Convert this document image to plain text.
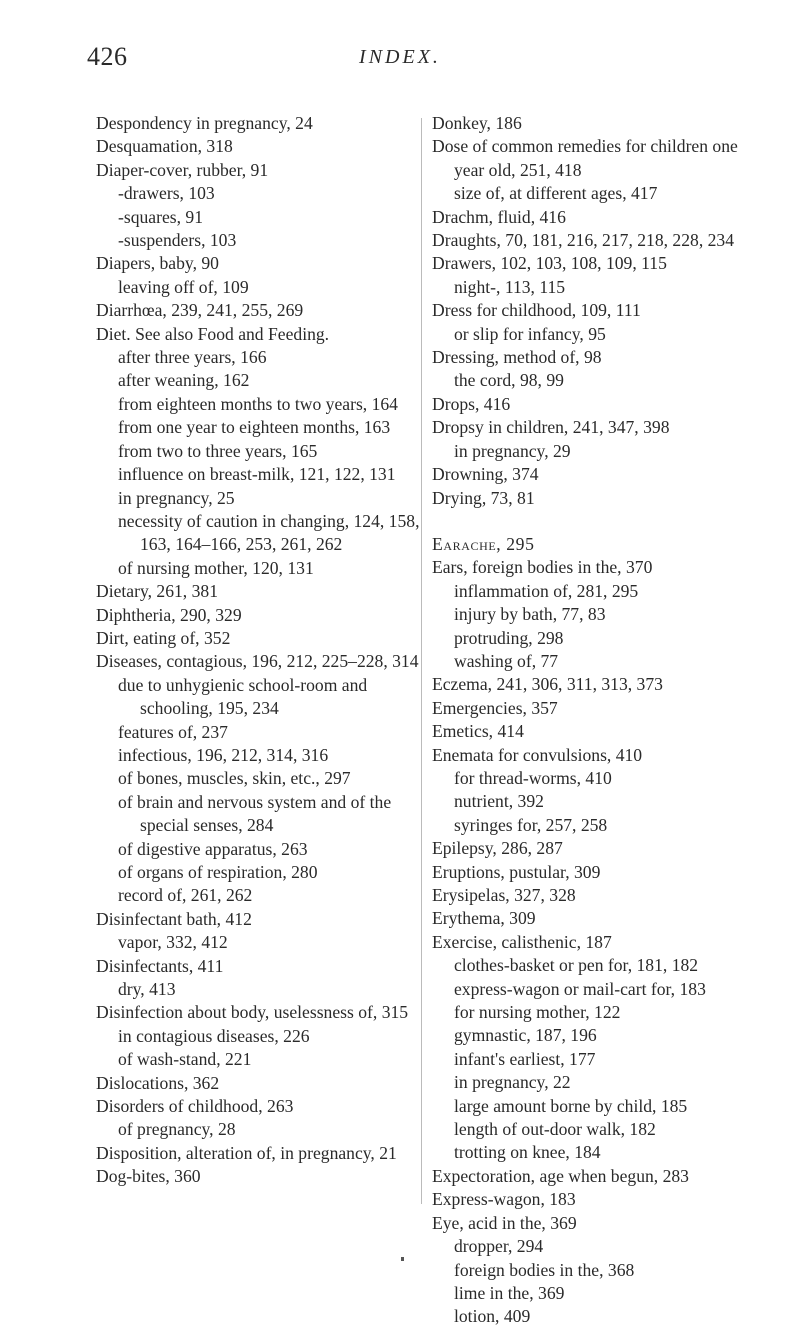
426	INDEX.

Despondency in pregnancy, 24

Desquamation, 318

Diaper-cover, rubber, 91

-drawers, 103

-squares, 91

-suspenders, 103

Diapers, baby, 90

leaving off of, 109

Diarrhœa, 239, 241, 255, 269

Diet. See also Food and Feeding.

after three years, 166

after weaning, 162

from eighteen months to two years, 164

from one year to eighteen months, 163

from two to three years, 165

influence on breast-milk, 121, 122, 131

in pregnancy, 25

necessity of caution in changing, 124, 158, 163, 164–166, 253, 261, 262

of nursing mother, 120, 131

Dietary, 261, 381

Diphtheria, 290, 329

Dirt, eating of, 352

Diseases, contagious, 196, 212, 225–228, 314

due to unhygienic school-room and schooling, 195, 234

features of, 237

infectious, 196, 212, 314, 316

of bones, muscles, skin, etc., 297

of brain and nervous system and of the special senses, 284

of digestive apparatus, 263

of organs of respiration, 280

record of, 261, 262

Disinfectant bath, 412

vapor, 332, 412

Disinfectants, 411

dry, 413

Disinfection about body, uselessness of, 315

in contagious diseases, 226

of wash-stand, 221

Dislocations, 362

Disorders of childhood, 263

of pregnancy, 28

Disposition, alteration of, in pregnancy, 21

Dog-bites, 360

Donkey, 186

Dose of common remedies for children one year old, 251, 418

size of, at different ages, 417

Drachm, fluid, 416

Draughts, 70, 181, 216, 217, 218, 228, 234

Drawers, 102, 103, 108, 109, 115

night-, 113, 115

Dress for childhood, 109, 111

or slip for infancy, 95

Dressing, method of, 98

the cord, 98, 99

Drops, 416

Dropsy in children, 241, 347, 398

in pregnancy, 29

Drowning, 374

Drying, 73, 81

Earache, 295

Ears, foreign bodies in the, 370

inflammation of, 281, 295

injury by bath, 77, 83

protruding, 298

washing of, 77

Eczema, 241, 306, 311, 313, 373

Emergencies, 357

Emetics, 414

Enemata for convulsions, 410

for thread-worms, 410

nutrient, 392

syringes for, 257, 258

Epilepsy, 286, 287

Eruptions, pustular, 309

Erysipelas, 327, 328

Erythema, 309

Exercise, calisthenic, 187

clothes-basket or pen for, 181, 182

express-wagon or mail-cart for, 183

for nursing mother, 122

gymnastic, 187, 196

infant's earliest, 177

in pregnancy, 22

large amount borne by child, 185

length of out-door walk, 182

trotting on knee, 184

Expectoration, age when begun, 283

Express-wagon, 183

Eye, acid in the, 369

dropper, 294

foreign bodies in the, 368

lime in the, 369

lotion, 409
